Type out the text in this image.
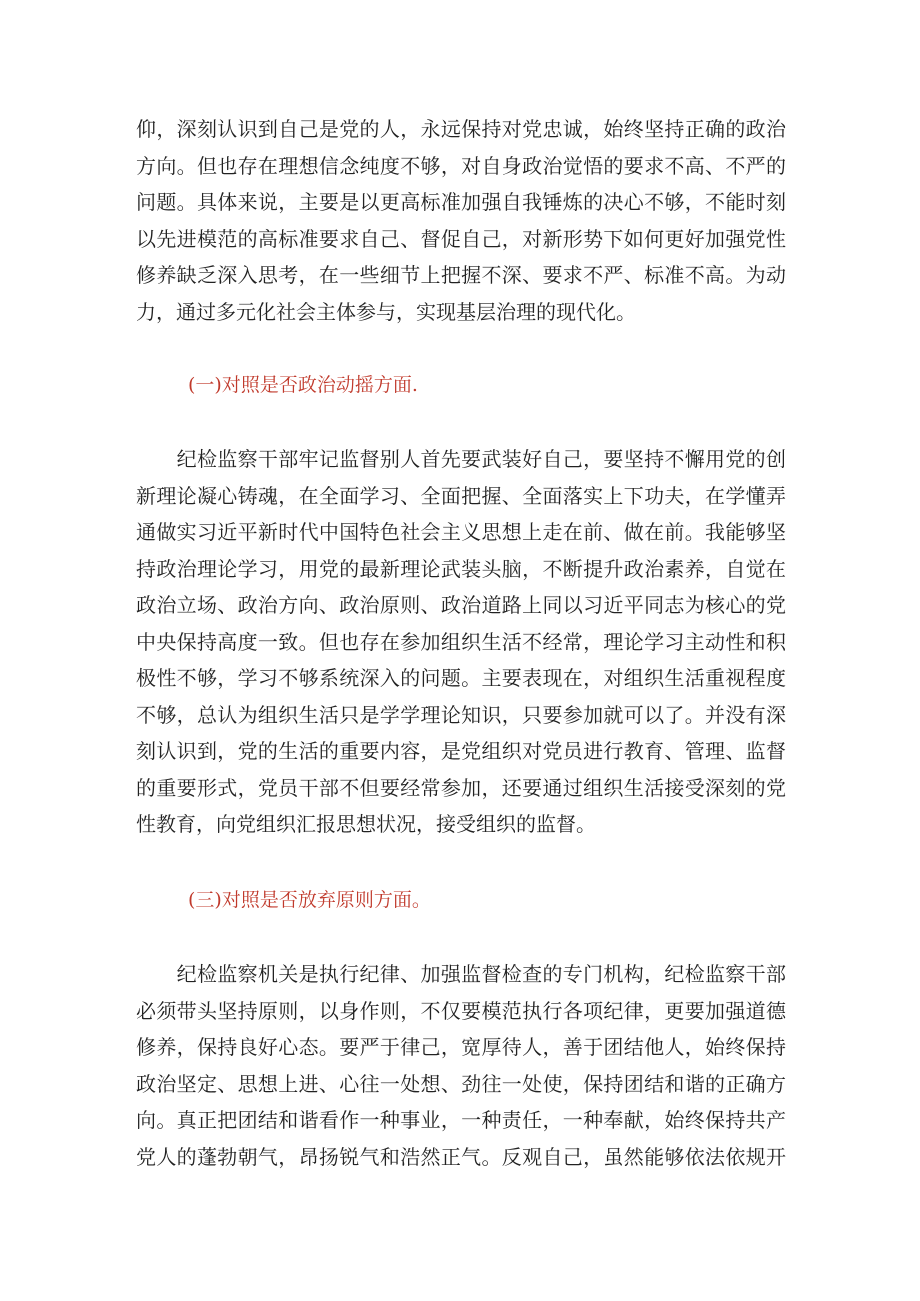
仰，深刻认识到自己是党的人，永远保持对党忠诚，始终坚持正确的政治
方向。但也存在理想信念纯度不够，对自身政治觉悟的要求不高、不严的
问题。具体来说，主要是以更高标准加强自我锤炼的决心不够，不能时刻
以先进模范的高标准要求自己、督促自己，对新形势下如何更好加强党性
修养缺乏深入思考，在一些细节上把握不深、要求不严、标准不高。为动
力，通过多元化社会主体参与，实现基层治理的现代化。
(一)对照是否政治动摇方面.
　　纪检监察干部牢记监督别人首先要武装好自己，要坚持不懈用党的创
新理论凝心铸魂，在全面学习、全面把握、全面落实上下功夫，在学懂弄
通做实习近平新时代中国特色社会主义思想上走在前、做在前。我能够坚
持政治理论学习，用党的最新理论武装头脑，不断提升政治素养，自觉在
政治立场、政治方向、政治原则、政治道路上同以习近平同志为核心的党
中央保持高度一致。但也存在参加组织生活不经常，理论学习主动性和积
极性不够，学习不够系统深入的问题。主要表现在，对组织生活重视程度
不够，总认为组织生活只是学学理论知识，只要参加就可以了。并没有深
刻认识到，党的生活的重要内容，是党组织对党员进行教育、管理、监督
的重要形式，党员干部不但要经常参加，还要通过组织生活接受深刻的党
性教育，向党组织汇报思想状况，接受组织的监督。
(三)对照是否放弃原则方面。
　　纪检监察机关是执行纪律、加强监督检查的专门机构，纪检监察干部
必须带头坚持原则，以身作则，不仅要模范执行各项纪律，更要加强道德
修养，保持良好心态。要严于律己，宽厚待人，善于团结他人，始终保持
政治坚定、思想上进、心往一处想、劲往一处使，保持团结和谐的正确方
向。真正把团结和谐看作一种事业，一种责任，一种奉献，始终保持共产
党人的蓬勃朝气，昂扬锐气和浩然正气。反观自己，虽然能够依法依规开
